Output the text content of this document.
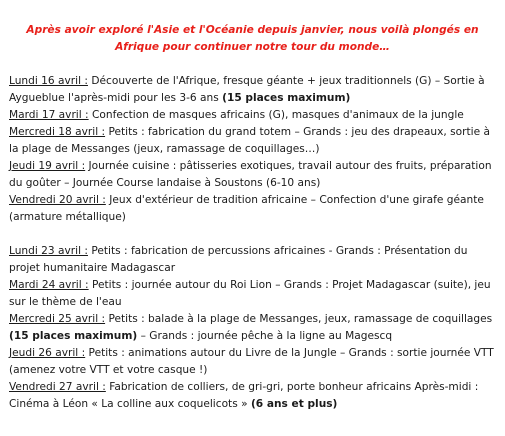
Après avoir exploré l'Asie et l'Océanie depuis janvier, nous voilà plongés en
Afrique pour continuer notre tour du monde…

Lundi 16 avril : Découverte de l'Afrique, fresque géante + jeux traditionnels (G) – Sortie à Aygueblue l'après-midi pour les 3-6 ans (15 places maximum)

Mardi 17 avril : Confection de masques africains (G), masques d'animaux de la jungle

Mercredi 18 avril : Petits : fabrication du grand totem – Grands : jeu des drapeaux, sortie à la plage de Messanges (jeux, ramassage de coquillages…)

Jeudi 19 avril : Journée cuisine : pâtisseries exotiques, travail autour des fruits, préparation du goûter – Journée Course landaise à Soustons (6-10 ans)

Vendredi 20 avril : Jeux d'extérieur de tradition africaine – Confection d'une girafe géante (armature métallique)

Lundi 23 avril : Petits : fabrication de percussions africaines - Grands : Présentation du projet humanitaire Madagascar

Mardi 24 avril : Petits : journée autour du Roi Lion – Grands : Projet Madagascar (suite), jeu sur le thème de l'eau

Mercredi 25 avril : Petits : balade à la plage de Messanges, jeux, ramassage de coquillages (15 places maximum) – Grands : journée pêche à la ligne au Magescq

Jeudi 26 avril : Petits : animations autour du Livre de la Jungle – Grands : sortie journée VTT (amenez votre VTT et votre casque !)

Vendredi 27 avril : Fabrication de colliers, de gri-gri, porte bonheur africains Après-midi : Cinéma à Léon « La colline aux coquelicots » (6 ans et plus)
